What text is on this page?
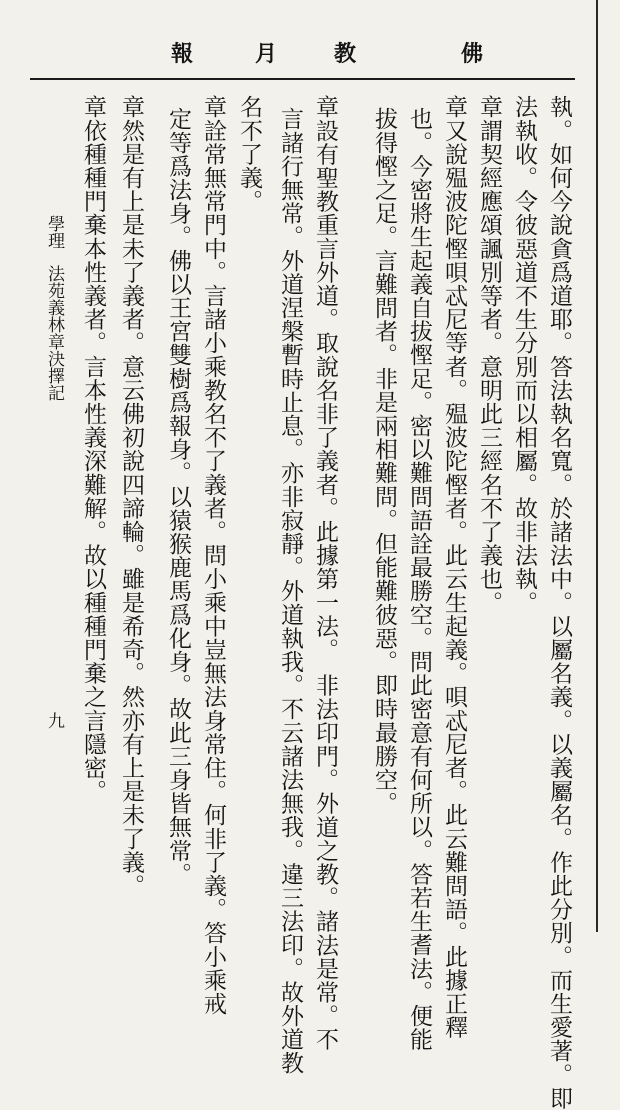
佛
教
月
報
執。如何今說貪爲道耶。答法執名寬。於諸法中。以屬名義。以義屬名。作此分別。而生愛著。即
法執收。令彼惡道不生分別而以相屬。故非法執。
章謂契經應頌諷別等者。意明此三經名不了義也。
章又說殟波陀慳唄忒尼等者。殟波陀慳者。此云生起義。唄忒尼者。此云難問語。此據正釋
也。今密將生起義自拔慳足。密以難問語詮最勝空。問此密意有何所以。答若生耆法。便能
拔得慳之足。言難問者。非是兩相難問。但能難彼惡。即時最勝空。
章設有聖教重言外道。取說名非了義者。此據第一法。　非法印門。外道之教。諸法是常。不
言諸行無常。外道涅槃暫時止息。亦非寂靜。外道執我。不云諸法無我。違三法印。故外道教
名不了義。
章詮常無常門中。言諸小乘教名不了義者。問小乘中豈無法身常住。何非了義。答小乘戒
定等爲法身。佛以王宮雙樹爲報身。以猿猴鹿馬爲化身。故此三身皆無常。
章然是有上是未了義者。意云佛初說四諦輪。雖是希奇。然亦有上是未了義。
章依種種門棄本性義者。言本性義深難解。故以種種門棄之言隱密。
學理
法苑義林章決擇記
九
